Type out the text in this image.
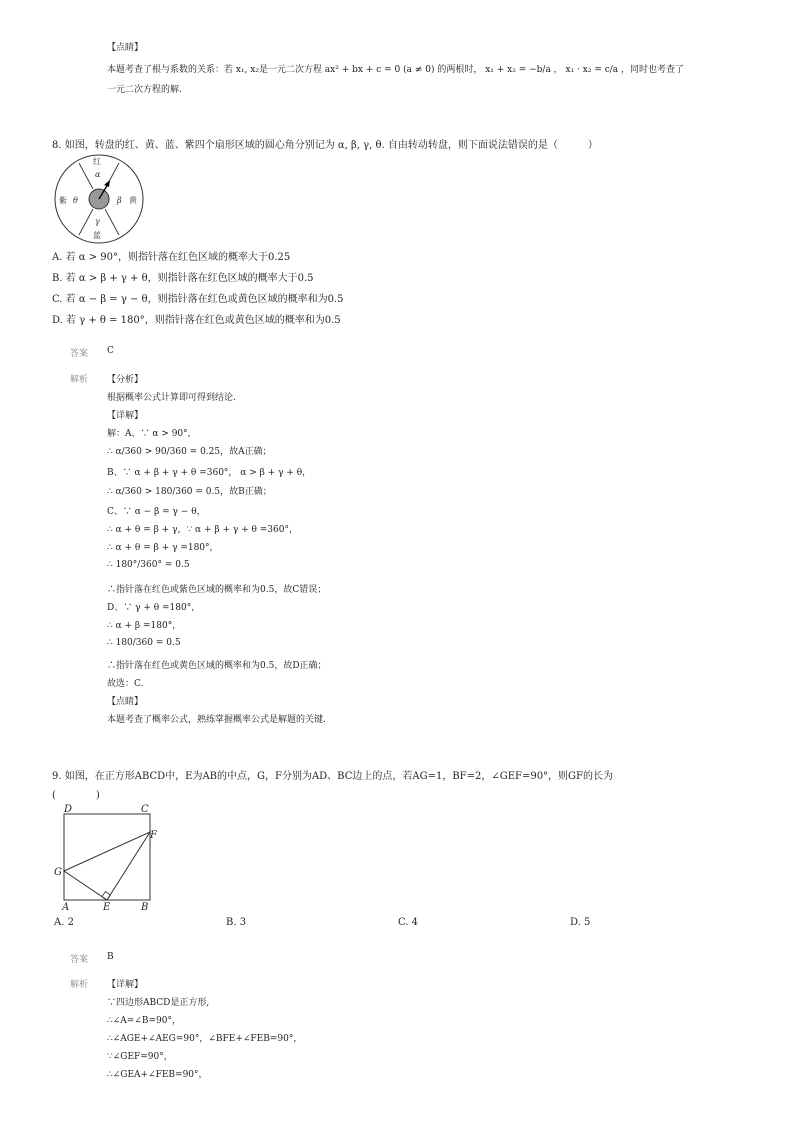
【点睛】
本题考查了根与系数的关系：若 x₁, x₂是一元二次方程 ax² + bx + c = 0 (a ≠ 0) 的两根时， x₁ + x₂ = −b/a ， x₁ · x₂ = c/a ，同时也考查了
一元二次方程的解.
8. 如图，转盘的红、黄、蓝、紫四个扇形区域的圆心角分别记为 α, β, γ, θ. 自由转动转盘，则下面说法错误的是（　　　）
红
α
β 黄
紫 θ
γ
蓝
A. 若 α > 90°，则指针落在红色区域的概率大于0.25
B. 若 α > β + γ + θ，则指针落在红色区域的概率大于0.5
C. 若 α − β = γ − θ，则指针落在红色或黄色区域的概率和为0.5
D. 若 γ + θ = 180°，则指针落在红色或黄色区域的概率和为0.5
答案 C
解析 【分析】
根据概率公式计算即可得到结论.
【详解】
解：A、∵ α > 90°，
∴ α/360 > 90/360 = 0.25，故A正确；
B、∵ α + β + γ + θ =360°， α > β + γ + θ，
∴ α/360 > 180/360 = 0.5，故B正确；
C、∵ α − β = γ − θ，
∴ α + θ = β + γ，∵ α + β + γ + θ =360°，
∴ α + θ = β + γ =180°，
∴ 180°/360° = 0.5
∴指针落在红色或紫色区域的概率和为0.5，故C错误；
D、∵ γ + θ =180°，
∴ α + β =180°，
∴ 180/360 = 0.5
∴指针落在红色或黄色区域的概率和为0.5，故D正确；
故选：C.
【点睛】
本题考查了概率公式，熟练掌握概率公式是解题的关键.
9. 如图，在正方形ABCD中，E为AB的中点，G，F分别为AD、BC边上的点，若AG=1，BF=2，∠GEF=90°，则GF的长为
(　　　　)
D	C
F
G
A	E	B
A. 2	B. 3	C. 4	D. 5
答案 B
解析 【详解】
∵四边形ABCD是正方形,
∴∠A=∠B=90°，
∴∠AGE+∠AEG=90°，∠BFE+∠FEB=90°，
∵∠GEF=90°，
∴∠GEA+∠FEB=90°，
